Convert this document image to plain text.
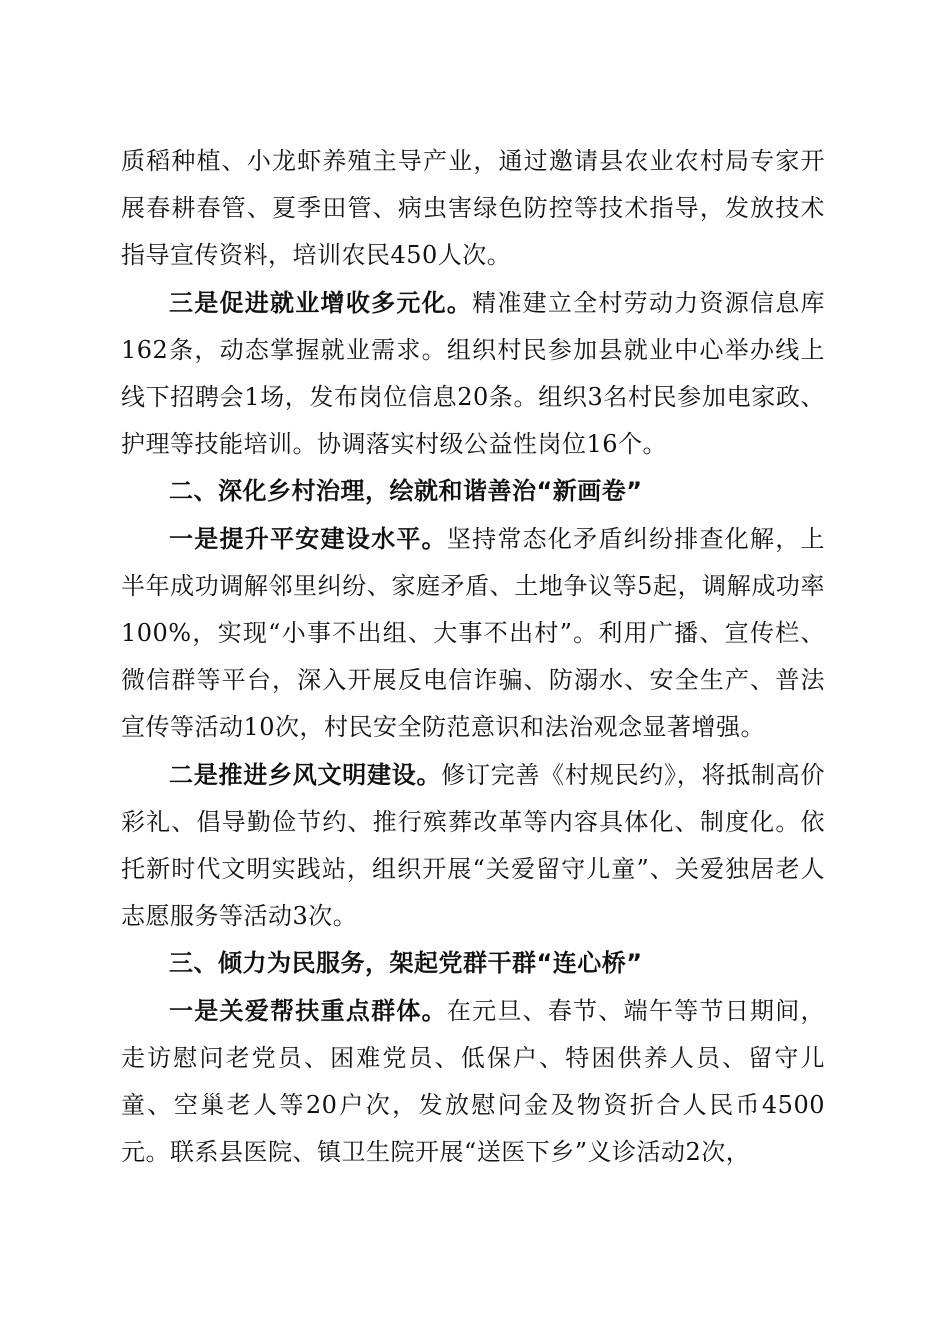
质稻种植、小龙虾养殖主导产业，通过邀请县农业农村局专家开展春耕春管、夏季田管、病虫害绿色防控等技术指导，发放技术指导宣传资料，培训农民450人次。

三是促进就业增收多元化。精准建立全村劳动力资源信息库162条，动态掌握就业需求。组织村民参加县就业中心举办线上线下招聘会1场，发布岗位信息20条。组织3名村民参加电家政、护理等技能培训。协调落实村级公益性岗位16个。

二、深化乡村治理，绘就和谐善治“新画卷”

一是提升平安建设水平。坚持常态化矛盾纠纷排查化解，上半年成功调解邻里纠纷、家庭矛盾、土地争议等5起，调解成功率100%，实现“小事不出组、大事不出村”。利用广播、宣传栏、微信群等平台，深入开展反电信诈骗、防溺水、安全生产、普法宣传等活动10次，村民安全防范意识和法治观念显著增强。

二是推进乡风文明建设。修订完善《村规民约》，将抵制高价彩礼、倡导勤俭节约、推行殡葬改革等内容具体化、制度化。依托新时代文明实践站，组织开展“关爱留守儿童”、关爱独居老人志愿服务等活动3次。

三、倾力为民服务，架起党群干群“连心桥”

一是关爱帮扶重点群体。在元旦、春节、端午等节日期间，走访慰问老党员、困难党员、低保户、特困供养人员、留守儿童、空巢老人等20户次，发放慰问金及物资折合人民币4500元。联系县医院、镇卫生院开展“送医下乡”义诊活动2次，
